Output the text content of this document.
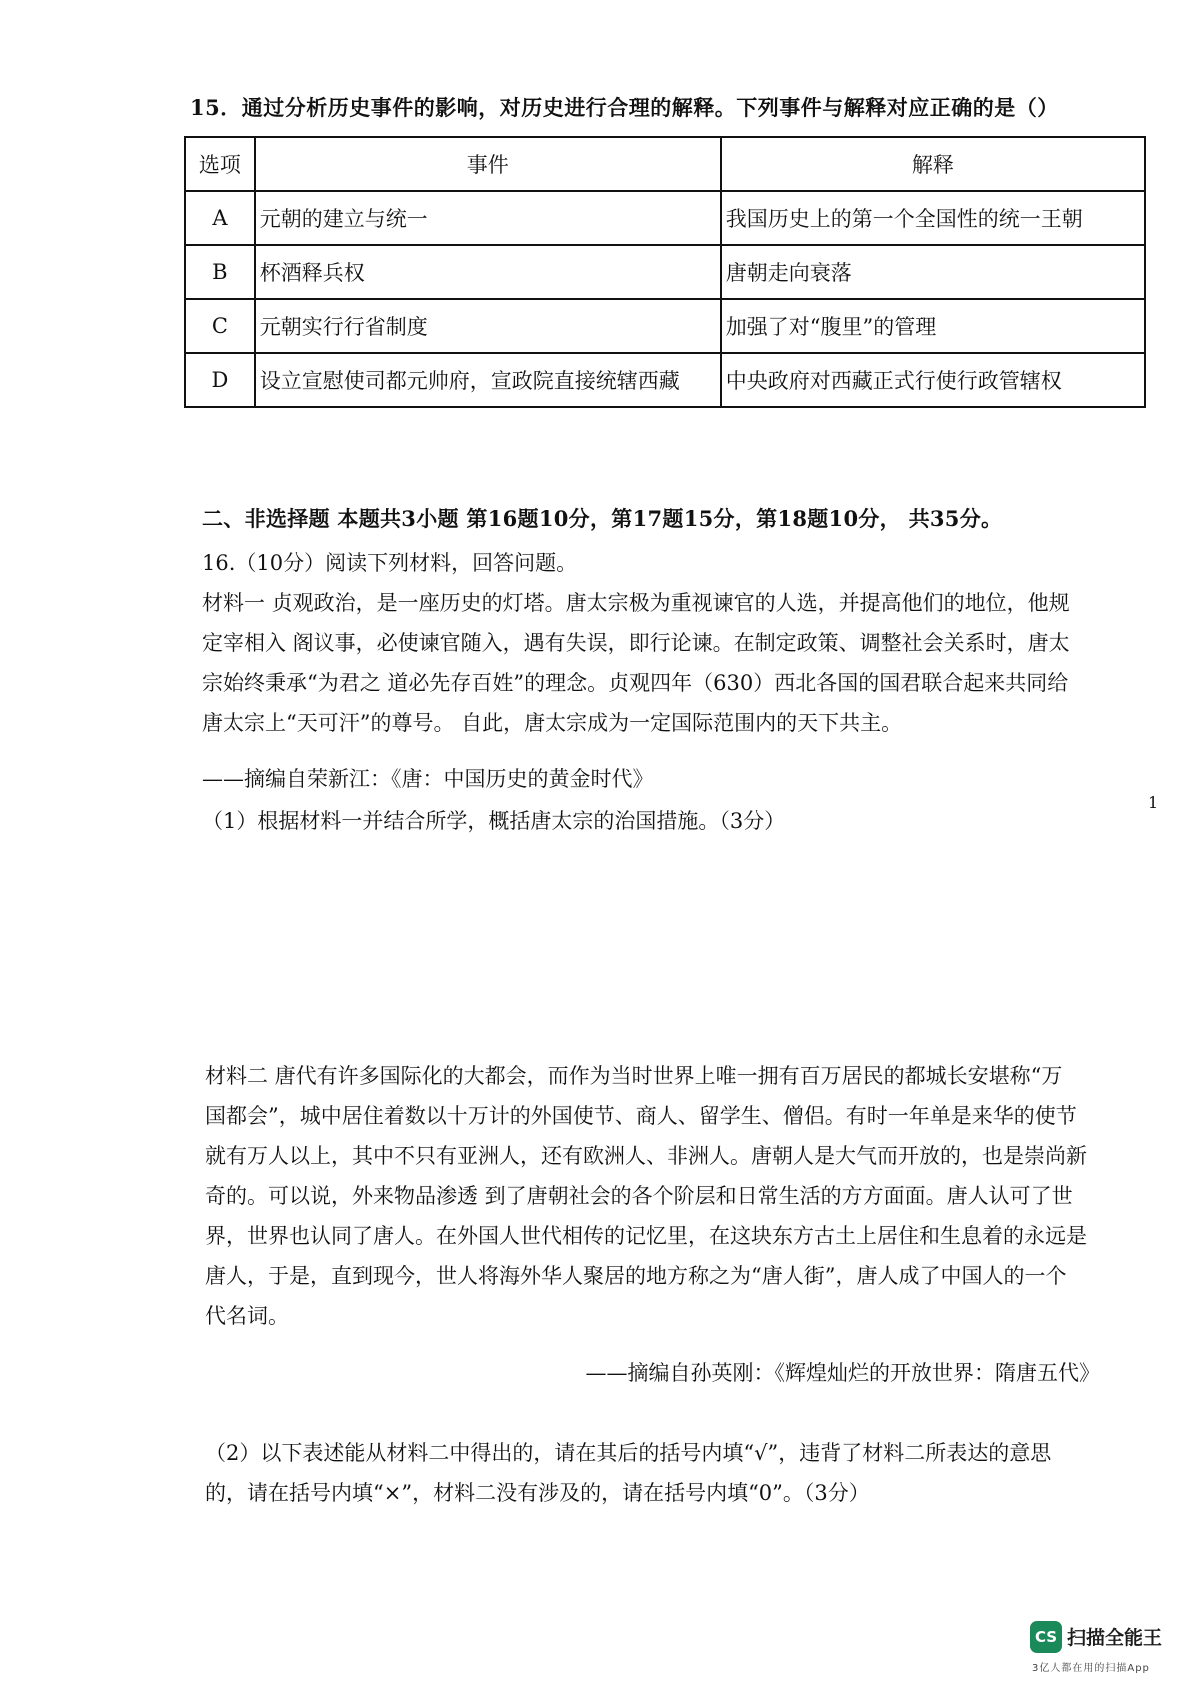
15．通过分析历史事件的影响，对历史进行合理的解释。下列事件与解释对应正确的是（）
选项	事件	解释
A	元朝的建立与统一	我国历史上的第一个全国性的统一王朝
B	杯酒释兵权	唐朝走向衰落
C	元朝实行行省制度	加强了对“腹里”的管理
D	设立宣慰使司都元帅府，宣政院直接统辖西藏	中央政府对西藏正式行使行政管辖权
二、非选择题 本题共3小题 第16题10分，第17题15分，第18题10分， 共35分。
16.（10分）阅读下列材料，回答问题。
材料一 贞观政治，是一座历史的灯塔。唐太宗极为重视谏官的人选，并提高他们的地位，他规
定宰相入 阁议事，必使谏官随入，遇有失误，即行论谏。在制定政策、调整社会关系时，唐太
宗始终秉承“为君之 道必先存百姓”的理念。贞观四年（630）西北各国的国君联合起来共同给
唐太宗上“天可汗”的尊号。 自此，唐太宗成为一定国际范围内的天下共主。
——摘编自荣新江：《唐：中国历史的黄金时代》
（1）根据材料一并结合所学，概括唐太宗的治国措施。（3分）
1
材料二 唐代有许多国际化的大都会，而作为当时世界上唯一拥有百万居民的都城长安堪称“万
国都会”，城中居住着数以十万计的外国使节、商人、留学生、僧侣。有时一年单是来华的使节
就有万人以上，其中不只有亚洲人，还有欧洲人、非洲人。唐朝人是大气而开放的，也是崇尚新
奇的。可以说，外来物品渗透 到了唐朝社会的各个阶层和日常生活的方方面面。唐人认可了世
界，世界也认同了唐人。在外国人世代相传的记忆里，在这块东方古土上居住和生息着的永远是
唐人，于是，直到现今，世人将海外华人聚居的地方称之为“唐人街”，唐人成了中国人的一个
代名词。
——摘编自孙英刚：《辉煌灿烂的开放世界：隋唐五代》
（2）以下表述能从材料二中得出的，请在其后的括号内填“√”，违背了材料二所表达的意思
的，请在括号内填“×”，材料二没有涉及的，请在括号内填“0”。（3分）
CS 扫描全能王
3亿人都在用的扫描App
